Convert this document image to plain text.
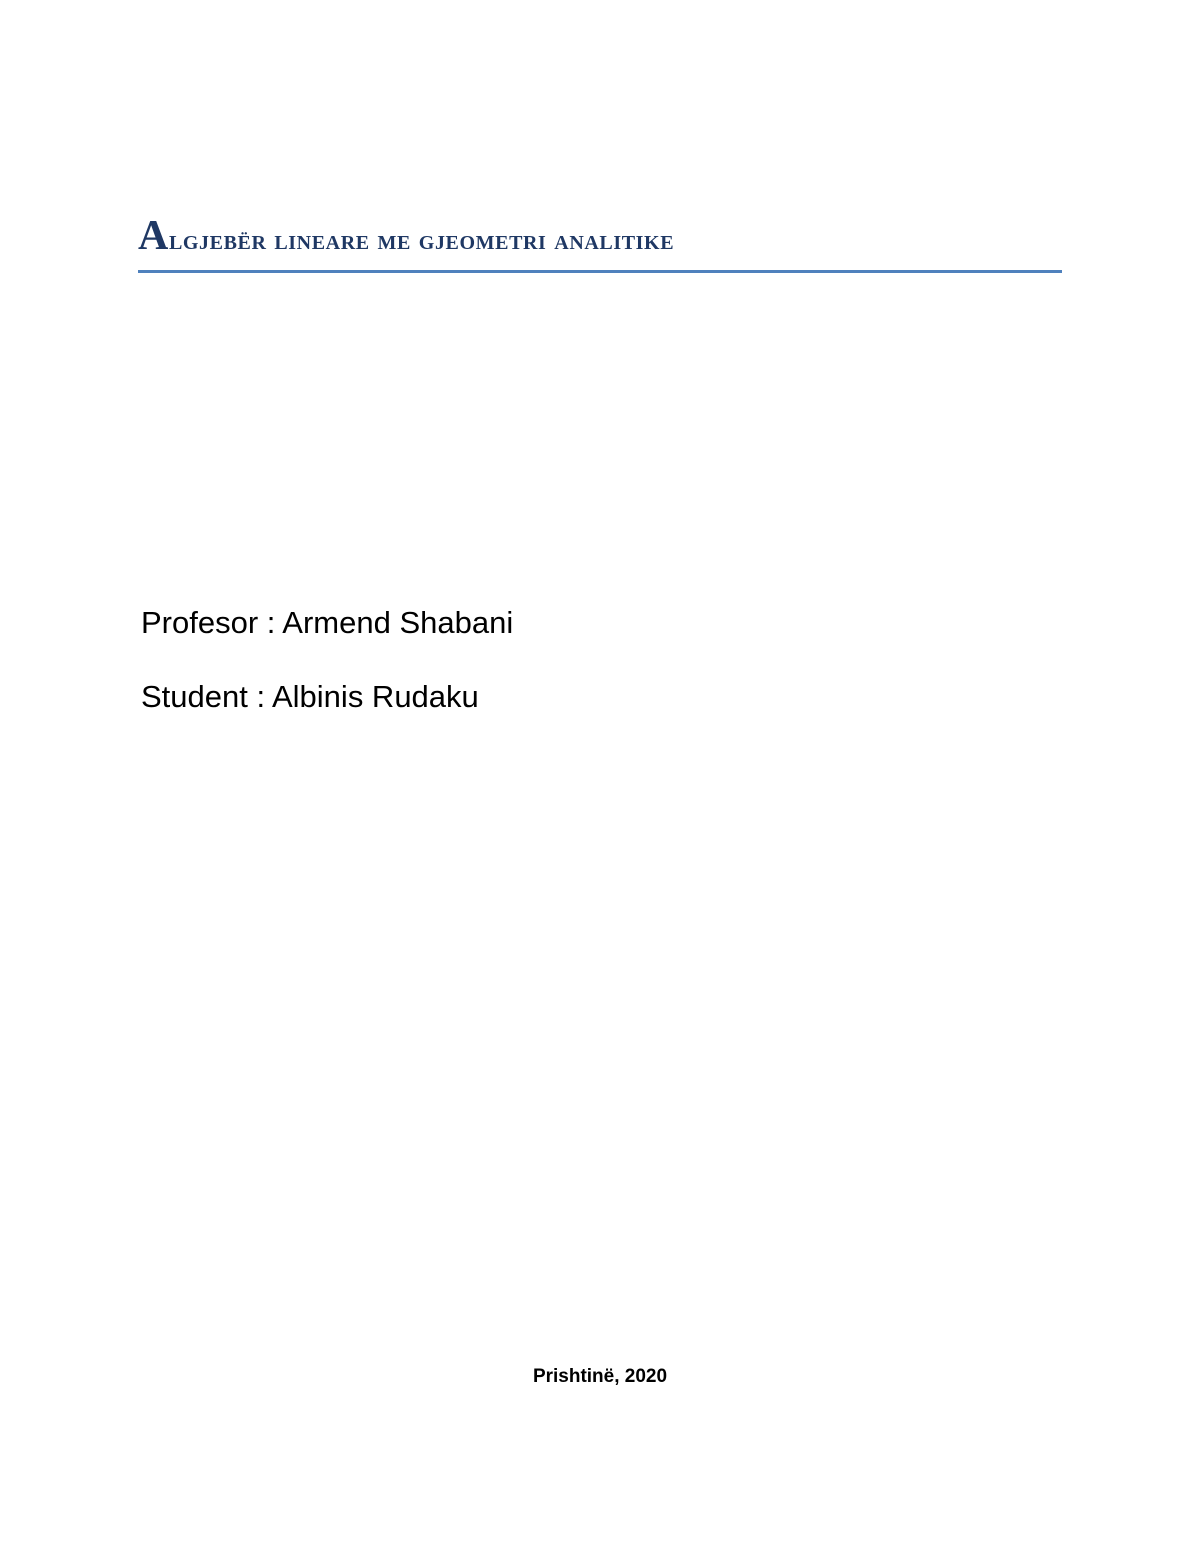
Algjebër lineare me gjeometri analitike

Profesor : Armend Shabani

Student : Albinis Rudaku

Prishtinë, 2020
